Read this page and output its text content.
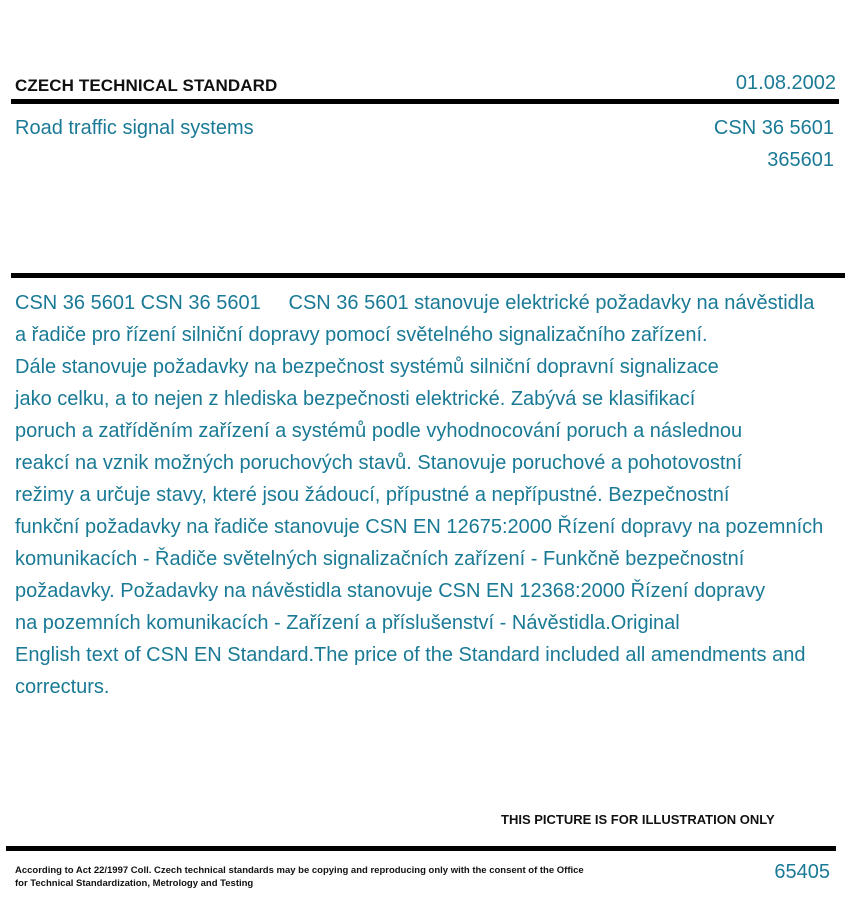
CZECH TECHNICAL STANDARD	01.08.2002
Road traffic signal systems	CSN 36 5601
365601
CSN 36 5601 CSN 36 5601     CSN 36 5601 stanovuje elektrické požadavky na návěstidla
a řadiče pro řízení silniční dopravy pomocí světelného signalizačního zařízení.
Dále stanovuje požadavky na bezpečnost systémů silniční dopravní signalizace
jako celku, a to nejen z hlediska bezpečnosti elektrické. Zabývá se klasifikací
poruch a zatříděním zařízení a systémů podle vyhodnocování poruch a následnou
reakcí na vznik možných poruchových stavů. Stanovuje poruchové a pohotovostní
režimy a určuje stavy, které jsou žádoucí, přípustné a nepřípustné. Bezpečnostní
funkční požadavky na řadiče stanovuje CSN EN 12675:2000 Řízení dopravy na pozemních
komunikacích - Řadiče světelných signalizačních zařízení - Funkčně bezpečnostní
požadavky. Požadavky na návěstidla stanovuje CSN EN 12368:2000 Řízení dopravy
na pozemních komunikacích - Zařízení a příslušenství - Návěstidla.Original
English text of CSN EN Standard.The price of the Standard included all amendments and
correcturs.
THIS PICTURE IS FOR ILLUSTRATION ONLY
According to Act 22/1997 Coll. Czech technical standards may be copying and reproducing only with the consent of the Office
for Technical Standardization, Metrology and Testing
65405
